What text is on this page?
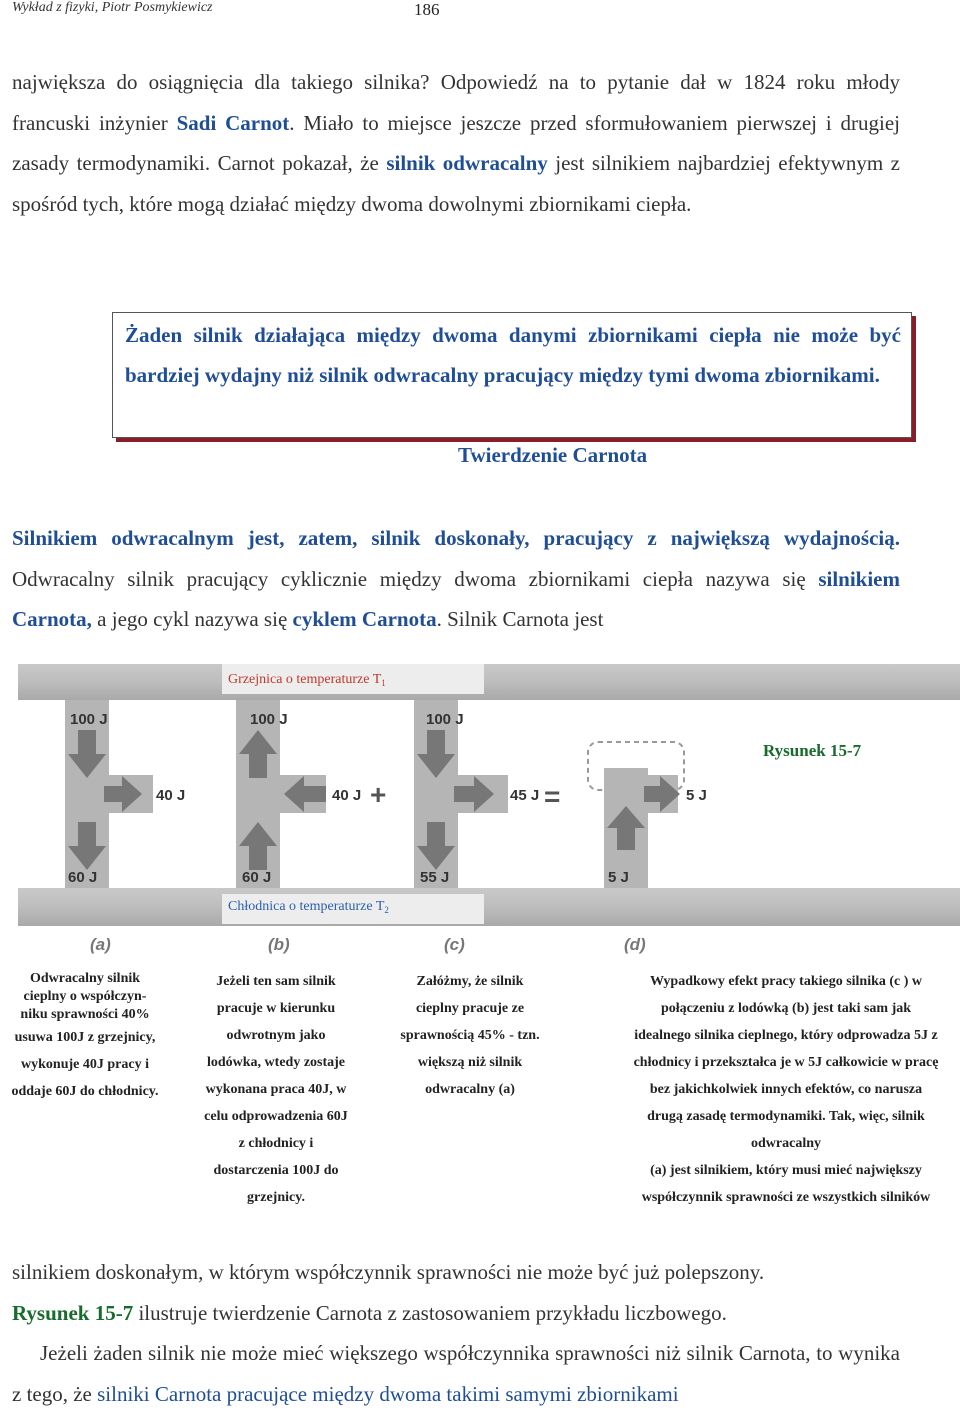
Wykład z fizyki, Piotr Posmykiewicz	186
największa do osiągnięcia dla takiego silnika? Odpowiedź na to pytanie dał w 1824 roku młody francuski inżynier Sadi Carnot. Miało to miejsce jeszcze przed sformułowaniem pierwszej i drugiej zasady termodynamiki. Carnot pokazał, że silnik odwracalny jest silnikiem najbardziej efektywnym z spośród tych, które mogą działać między dwoma dowolnymi zbiornikami ciepła.
Żaden silnik działająca między dwoma danymi zbiornikami ciepła nie może być bardziej wydajny niż silnik odwracalny pracujący między tymi dwoma zbiornikami.
Twierdzenie Carnota
Silnikiem odwracalnym jest, zatem, silnik doskonały, pracujący z największą wydajnością. Odwracalny silnik pracujący cyklicznie między dwoma zbiornikami ciepła nazywa się silnikiem Carnota, a jego cykl nazywa się cyklem Carnota. Silnik Carnota jest
Grzejnica o temperaturze $T_1$
Chłodnica o temperaturze $T_2$
100 J
40 J
60 J
(a)
100 J
40 J
60 J
(b)
+
100 J
45 J
55 J
(c)
=	5 J
5 J
(d)
Rysunek 15-7
Odwracalny silnik
cieplny o współczyn-
niku sprawności 40%
usuwa 100J z grzejnicy,
wykonuje 40J pracy i
oddaje 60J do chłodnicy.
Jeżeli ten sam silnik
pracuje w kierunku
odwrotnym jako
lodówka, wtedy zostaje
wykonana praca 40J, w
celu odprowadzenia 60J
z chłodnicy i
dostarczenia 100J do
grzejnicy.
Załóżmy, że silnik
cieplny pracuje ze
sprawnością 45% - tzn.
większą niż silnik
odwracalny (a)
Wypadkowy efekt pracy takiego silnika (c ) w
połączeniu z lodówką (b) jest taki sam jak
idealnego silnika cieplnego, który odprowadza 5J z
chłodnicy i przekształca je w 5J całkowicie w pracę
bez jakichkolwiek innych efektów, co narusza
drugą zasadę termodynamiki. Tak, więc, silnik
odwracalny
(a) jest silnikiem, który musi mieć największy
współczynnik sprawności ze wszystkich silników
silnikiem doskonałym, w którym współczynnik sprawności nie może być już polepszony.
Rysunek 15-7 ilustruje twierdzenie Carnota z zastosowaniem przykładu liczbowego.
Jeżeli żaden silnik nie może mieć większego współczynnika sprawności niż silnik Carnota, to wynika z tego, że silniki Carnota pracujące między dwoma takimi samymi zbiornikami
